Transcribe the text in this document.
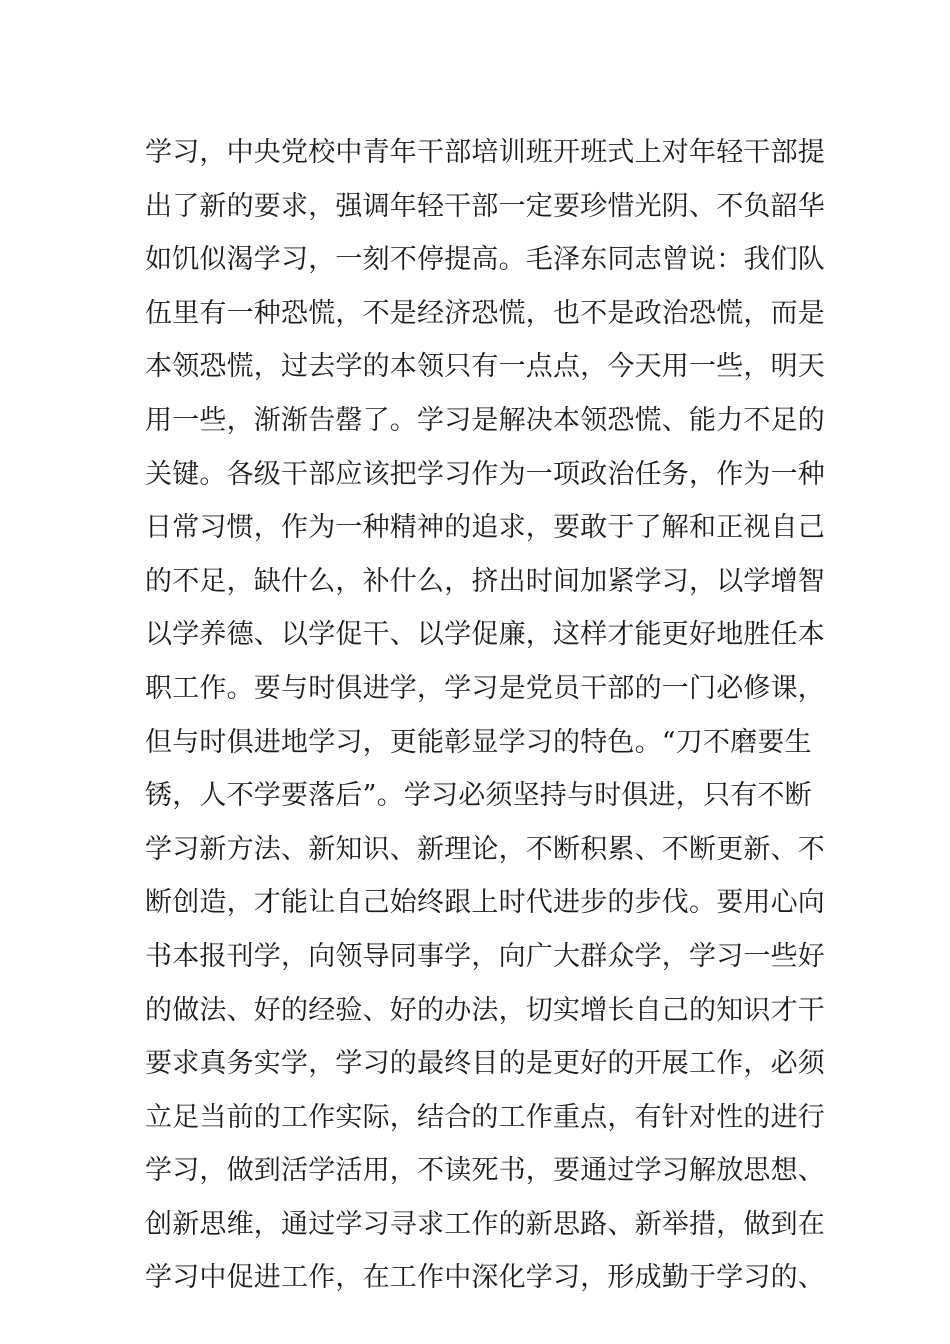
学习，中央党校中青年干部培训班开班式上对年轻干部提
出了新的要求，强调年轻干部一定要珍惜光阴、不负韶华
如饥似渴学习，一刻不停提高。毛泽东同志曾说：我们队
伍里有一种恐慌，不是经济恐慌，也不是政治恐慌，而是
本领恐慌，过去学的本领只有一点点，今天用一些，明天
用一些，渐渐告罄了。学习是解决本领恐慌、能力不足的
关键。各级干部应该把学习作为一项政治任务，作为一种
日常习惯，作为一种精神的追求，要敢于了解和正视自己
的不足，缺什么，补什么，挤出时间加紧学习，以学增智
以学养德、以学促干、以学促廉，这样才能更好地胜任本
职工作。要与时俱进学，学习是党员干部的一门必修课，
但与时俱进地学习，更能彰显学习的特色。“刀不磨要生
锈，人不学要落后”。学习必须坚持与时俱进，只有不断
学习新方法、新知识、新理论，不断积累、不断更新、不
断创造，才能让自己始终跟上时代进步的步伐。要用心向
书本报刊学，向领导同事学，向广大群众学，学习一些好
的做法、好的经验、好的办法，切实增长自己的知识才干
要求真务实学，学习的最终目的是更好的开展工作，必须
立足当前的工作实际，结合的工作重点，有针对性的进行
学习，做到活学活用，不读死书，要通过学习解放思想、
创新思维，通过学习寻求工作的新思路、新举措，做到在
学习中促进工作，在工作中深化学习，形成勤于学习的、
